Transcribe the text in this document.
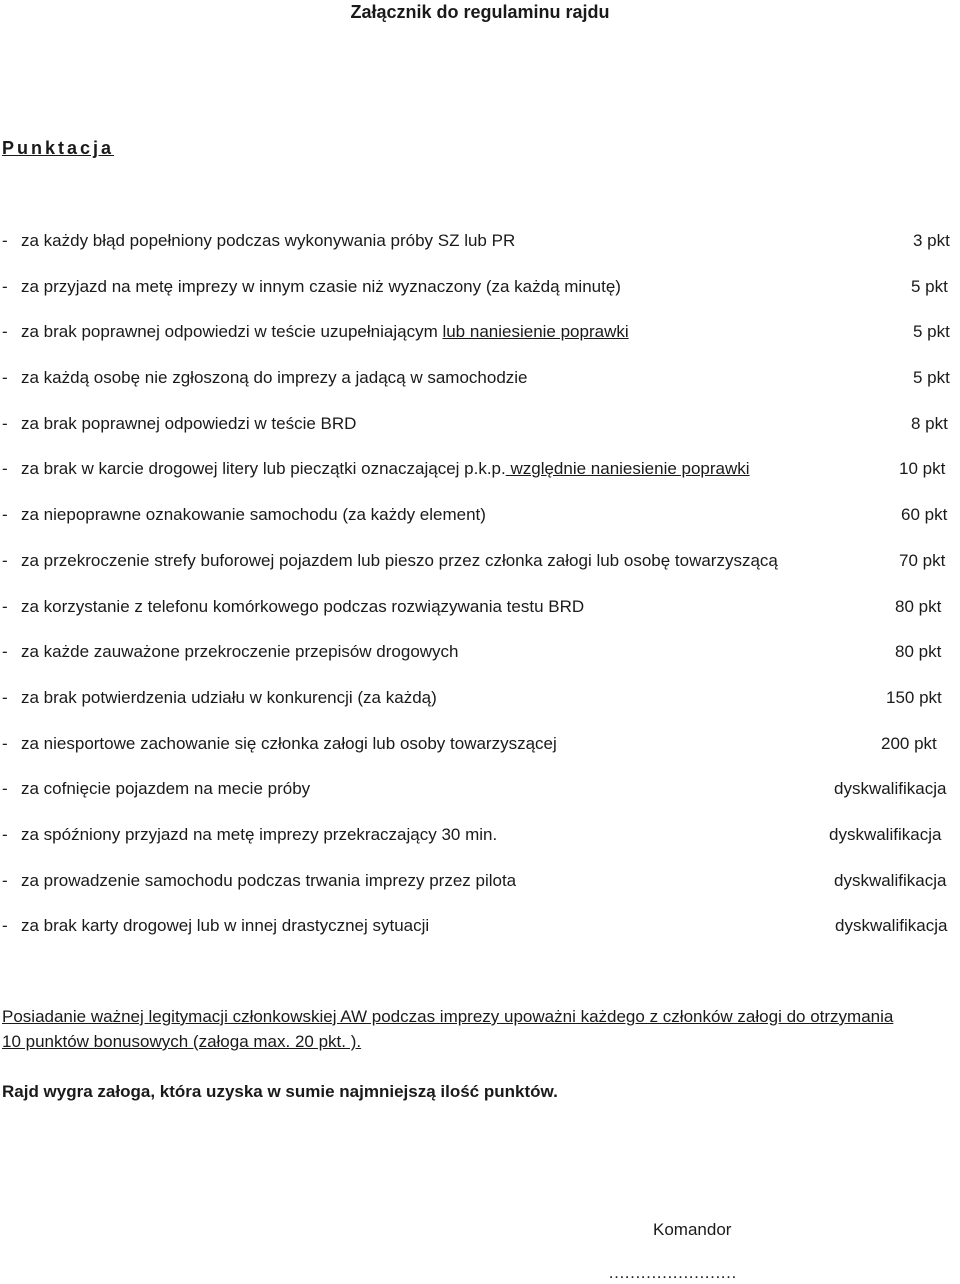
Załącznik do regulaminu rajdu
Punktacja
- za każdy błąd popełniony podczas wykonywania próby SZ lub PR	3 pkt
- za przyjazd na metę imprezy w innym czasie niż wyznaczony (za każdą minutę)	5 pkt
- za brak poprawnej odpowiedzi w teście uzupełniającym lub naniesienie poprawki	5 pkt
- za każdą osobę nie zgłoszoną do imprezy a jadącą w samochodzie	5 pkt
- za brak poprawnej odpowiedzi w teście BRD	8 pkt
- za brak w karcie drogowej litery lub pieczątki oznaczającej p.k.p. względnie naniesienie poprawki	10 pkt
- za niepoprawne oznakowanie samochodu (za każdy element)	60 pkt
- za przekroczenie strefy buforowej pojazdem lub pieszo przez członka załogi lub osobę towarzyszącą	70 pkt
- za korzystanie z telefonu komórkowego podczas rozwiązywania testu BRD	80 pkt
- za każde zauważone przekroczenie przepisów drogowych	80 pkt
- za brak potwierdzenia udziału w konkurencji (za każdą)	150 pkt
- za niesportowe zachowanie się członka załogi lub osoby towarzyszącej	200 pkt
- za cofnięcie pojazdem na mecie próby	dyskwalifikacja
- za spóźniony przyjazd na metę imprezy przekraczający 30 min.	dyskwalifikacja
- za prowadzenie samochodu podczas trwania imprezy przez pilota	dyskwalifikacja
- za brak karty drogowej lub w innej drastycznej sytuacji	dyskwalifikacja
Posiadanie ważnej legitymacji członkowskiej AW podczas imprezy upoważni każdego z członków załogi do otrzymania 10 punktów bonusowych (załoga max. 20 pkt. ).
Rajd wygra załoga, która uzyska w sumie najmniejszą ilość punktów.
Komandor
……………………
